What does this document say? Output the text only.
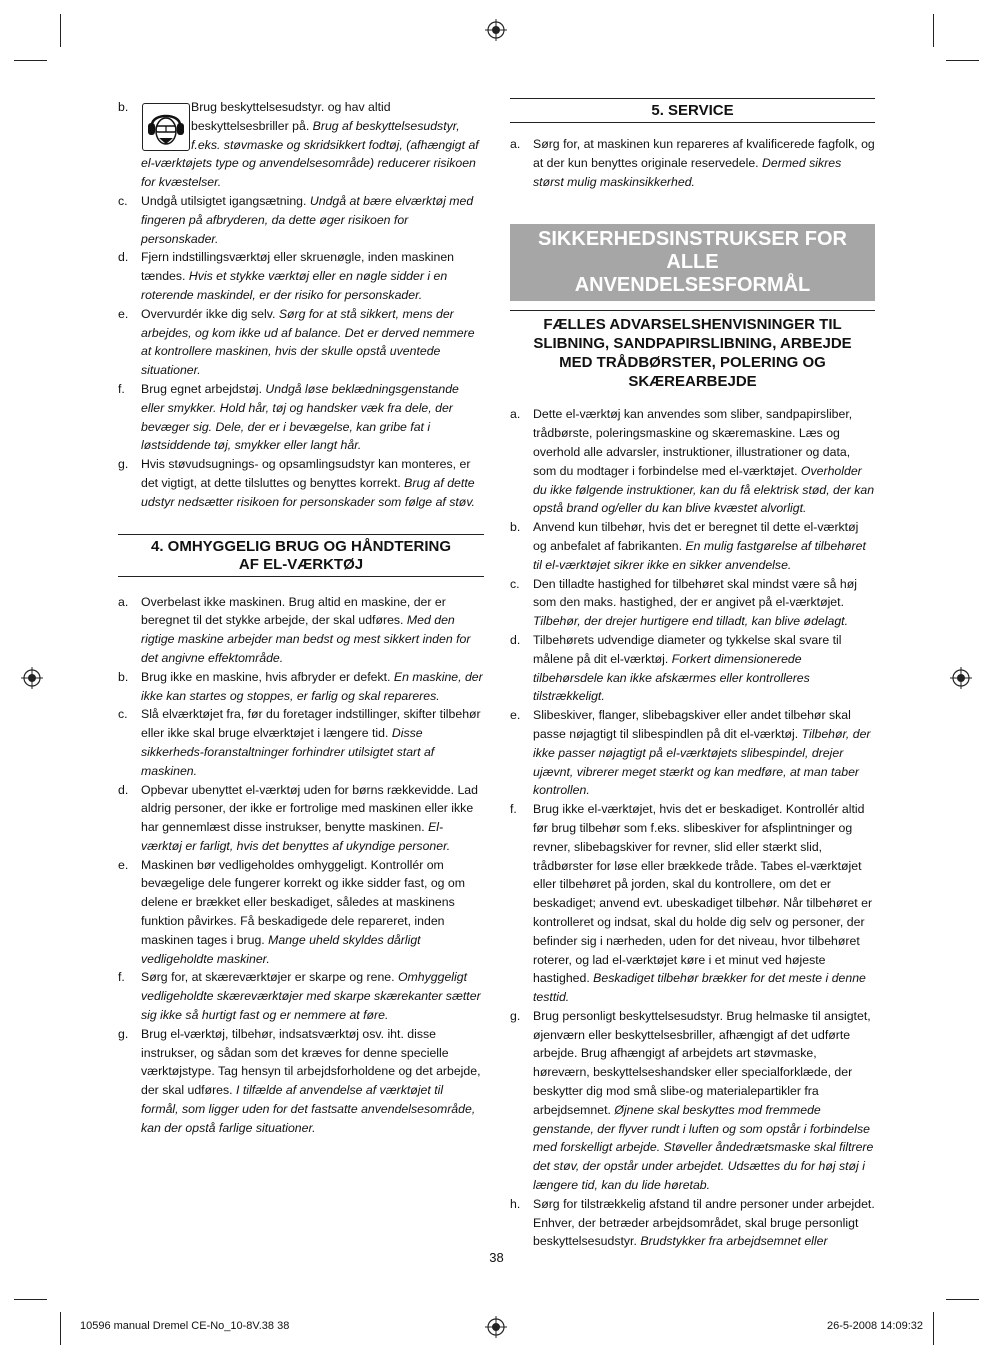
b.	Brug beskyttelsesudstyr. og hav altid beskyttelsesbriller på. Brug af beskyttelsesudstyr, f.eks. støvmaske og skridsikkert fodtøj, (afhængigt af el-værktøjets type og anvendelsesområde) reducerer risikoen for kvæstelser.

c. Undgå utilsigtet igangsætning. Undgå at bære elværktøj med fingeren på afbryderen, da dette øger risikoen for personskader.

d. Fjern indstillingsværktøj eller skruenøgle, inden maskinen tændes. Hvis et stykke værktøj eller en nøgle sidder i en roterende maskindel, er der risiko for personskader.

e. Overvurdér ikke dig selv. Sørg for at stå sikkert, mens der arbejdes, og kom ikke ud af balance. Det er derved nemmere at kontrollere maskinen, hvis der skulle opstå uventede situationer.

f. Brug egnet arbejdstøj. Undgå løse beklædningsgenstande eller smykker. Hold hår, tøj og handsker væk fra dele, der bevæger sig. Dele, der er i bevægelse, kan gribe fat i løstsiddende tøj, smykker eller langt hår.

g. Hvis støvudsugnings- og opsamlingsudstyr kan monteres, er det vigtigt, at dette tilsluttes og benyttes korrekt. Brug af dette udstyr nedsætter risikoen for personskader som følge af støv.

4. OMHYGGELIG BRUG OG HÅNDTERING
AF EL-VÆRKTØJ

a. Overbelast ikke maskinen. Brug altid en maskine, der er beregnet til det stykke arbejde, der skal udføres. Med den rigtige maskine arbejder man bedst og mest sikkert inden for det angivne effektområde.

b. Brug ikke en maskine, hvis afbryder er defekt. En maskine, der ikke kan startes og stoppes, er farlig og skal repareres.

c. Slå elværktøjet fra, før du foretager indstillinger, skifter tilbehør eller ikke skal bruge elværktøjet i længere tid. Disse sikkerheds-foranstaltninger forhindrer utilsigtet start af maskinen.

d. Opbevar ubenyttet el-værktøj uden for børns rækkevidde. Lad aldrig personer, der ikke er fortrolige med maskinen eller ikke har gennemlæst disse instrukser, benytte maskinen. El-værktøj er farligt, hvis det benyttes af ukyndige personer.

e. Maskinen bør vedligeholdes omhyggeligt. Kontrollér om bevægelige dele fungerer korrekt og ikke sidder fast, og om delene er brækket eller beskadiget, således at maskinens funktion påvirkes. Få beskadigede dele repareret, inden maskinen tages i brug. Mange uheld skyldes dårligt vedligeholdte maskiner.

f. Sørg for, at skæreværktøjer er skarpe og rene. Omhyggeligt vedligeholdte skæreværktøjer med skarpe skærekanter sætter sig ikke så hurtigt fast og er nemmere at føre.

g. Brug el-værktøj, tilbehør, indsatsværktøj osv. iht. disse instrukser, og sådan som det kræves for denne specielle værktøjstype. Tag hensyn til arbejdsforholdene og det arbejde, der skal udføres. I tilfælde af anvendelse af værktøjet til formål, som ligger uden for det fastsatte anvendelsesområde, kan der opstå farlige situationer.

5. SERVICE

a. Sørg for, at maskinen kun repareres af kvalificerede fagfolk, og at der kun benyttes originale reservedele. Dermed sikres størst mulig maskinsikkerhed.

SIKKERHEDSINSTRUKSER FOR ALLE
ANVENDELSESFORMÅL
FÆLLES ADVARSELSHENVISNINGER TIL
SLIBNING, SANDPAPIRSLIBNING, ARBEJDE
MED TRÅDBØRSTER, POLERING OG
SKÆREARBEJDE

a. Dette el-værktøj kan anvendes som sliber, sandpapirsliber, trådbørste, poleringsmaskine og skæremaskine. Læs og overhold alle advarsler, instruktioner, illustrationer og data, som du modtager i forbindelse med el-værktøjet. Overholder du ikke følgende instruktioner, kan du få elektrisk stød, der kan opstå brand og/eller du kan blive kvæstet alvorligt.

b. Anvend kun tilbehør, hvis det er beregnet til dette el-værktøj og anbefalet af fabrikanten. En mulig fastgørelse af tilbehøret til el-værktøjet sikrer ikke en sikker anvendelse.

c. Den tilladte hastighed for tilbehøret skal mindst være så høj som den maks. hastighed, der er angivet på el-værktøjet. Tilbehør, der drejer hurtigere end tilladt, kan blive ødelagt.

d. Tilbehørets udvendige diameter og tykkelse skal svare til målene på dit el-værktøj. Forkert dimensionerede tilbehørsdele kan ikke afskærmes eller kontrolleres tilstrækkeligt.

e. Slibeskiver, flanger, slibebagskiver eller andet tilbehør skal passe nøjagtigt til slibespindlen på dit el-værktøj. Tilbehør, der ikke passer nøjagtigt på el-værktøjets slibespindel, drejer ujævnt, vibrerer meget stærkt og kan medføre, at man taber kontrollen.

f. Brug ikke el-værktøjet, hvis det er beskadiget. Kontrollér altid før brug tilbehør som f.eks. slibeskiver for afsplintninger og revner, slibebagskiver for revner, slid eller stærkt slid, trådbørster for løse eller brækkede tråde. Tabes el-værktøjet eller tilbehøret på jorden, skal du kontrollere, om det er beskadiget; anvend evt. ubeskadiget tilbehør. Når tilbehøret er kontrolleret og indsat, skal du holde dig selv og personer, der befinder sig i nærheden, uden for det niveau, hvor tilbehøret roterer, og lad el-værktøjet køre i et minut ved højeste hastighed. Beskadiget tilbehør brækker for det meste i denne testtid.

g. Brug personligt beskyttelsesudstyr. Brug helmaske til ansigtet, øjenværn eller beskyttelsesbriller, afhængigt af det udførte arbejde. Brug afhængigt af arbejdets art støvmaske, høreværn, beskyttelseshandsker eller specialforklæde, der beskytter dig mod små slibe-og materialepartikler fra arbejdsemnet. Øjnene skal beskyttes mod fremmede genstande, der flyver rundt i luften og som opstår i forbindelse med forskelligt arbejde. Støveller åndedrætsmaske skal filtrere det støv, der opstår under arbejdet. Udsættes du for høj støj i længere tid, kan du lide høretab.

h. Sørg for tilstrækkelig afstand til andre personer under arbejdet. Enhver, der betræder arbejdsområdet, skal bruge personligt beskyttelsesudstyr. Brudstykker fra arbejdsemnet eller

38
10596 manual Dremel CE-No_10-8V.38 38	26-5-2008 14:09:32
